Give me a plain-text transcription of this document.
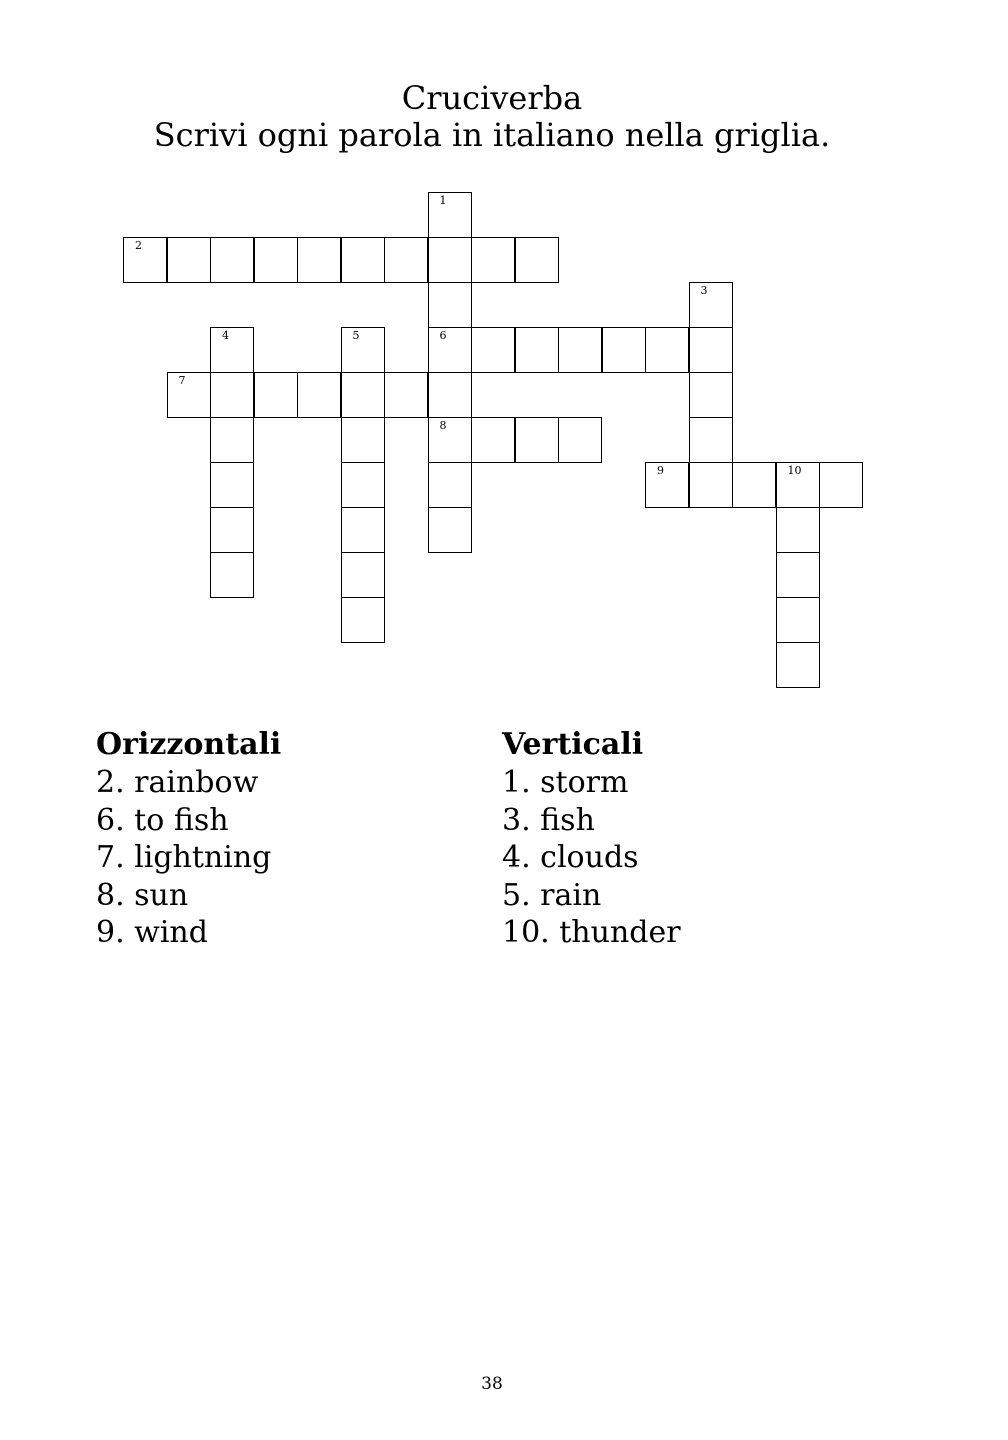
Cruciverba
Scrivi ogni parola in italiano nella griglia.
1
6
8
2
3
4	5
7
9	10
Orizzontali
2. rainbow
6. to fish
7. lightning
8. sun
9. wind
Verticali
1. storm
3. fish
4. clouds
5. rain
10. thunder
38
